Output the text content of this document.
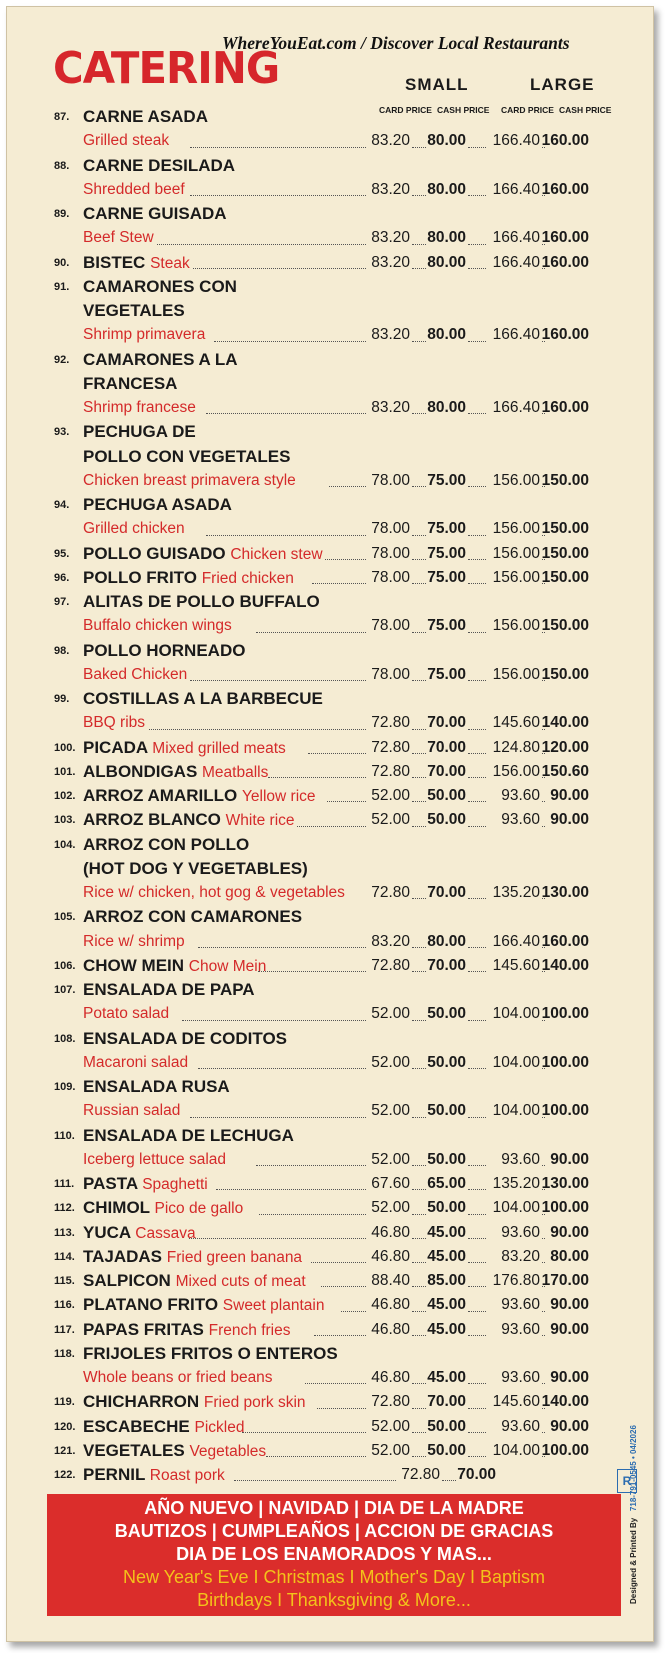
WhereYouEat.com / Discover Local Restaurants
CATERING	SMALL	LARGE
CARD PRICE CASH PRICE CARD PRICE CASH PRICE
87. CARNE ASADA
Grilled steak	83.20	80.00	166.40 160.00
88. CARNE DESILADA
Shredded beef	83.20	80.00	166.40 160.00
89. CARNE GUISADA
Beef Stew	83.20	80.00	166.40 160.00
90. BISTEC Steak	83.20	80.00	166.40 160.00
91. CAMARONES CON
VEGETALES
Shrimp primavera	83.20	80.00	166.40 160.00
92. CAMARONES A LA
FRANCESA
Shrimp francese	83.20	80.00	166.40 160.00
93. PECHUGA DE
POLLO CON VEGETALES
Chicken breast primavera style	78.00	75.00	156.00 150.00
94. PECHUGA ASADA
Grilled chicken	78.00	75.00	156.00 150.00
95. POLLO GUISADO Chicken stew	78.00	75.00	156.00 150.00
96. POLLO FRITO Fried chicken	78.00	75.00	156.00 150.00
97. ALITAS DE POLLO BUFFALO
Buffalo chicken wings	78.00	75.00	156.00 150.00
98. POLLO HORNEADO
Baked Chicken	78.00	75.00	156.00 150.00
99. COSTILLAS A LA BARBECUE
BBQ ribs	72.80	70.00	145.60 140.00
100. PICADA Mixed grilled meats	72.80	70.00	124.80 120.00
101. ALBONDIGAS Meatballs	72.80	70.00	156.00 150.60
102. ARROZ AMARILLO Yellow rice	52.00	50.00	93.60 90.00
103. ARROZ BLANCO White rice	52.00	50.00	93.60 90.00
104. ARROZ CON POLLO
(HOT DOG Y VEGETABLES)
Rice w/ chicken, hot gog & vegetables	72.80	70.00	135.20 130.00
105. ARROZ CON CAMARONES
Rice w/ shrimp	83.20	80.00	166.40 160.00
106. CHOW MEIN Chow Mein	72.80	70.00	145.60 140.00
107. ENSALADA DE PAPA
Potato salad	52.00	50.00	104.00 100.00
108. ENSALADA DE CODITOS
Macaroni salad	52.00	50.00	104.00 100.00
109. ENSALADA RUSA
Russian salad	52.00	50.00	104.00 100.00
110. ENSALADA DE LECHUGA
Iceberg lettuce salad	52.00	50.00	93.60 90.00
111. PASTA Spaghetti	67.60	65.00	135.20 130.00
112. CHIMOL Pico de gallo	52.00	50.00	104.00 100.00
113. YUCA Cassava	46.80	45.00	93.60 90.00
114. TAJADAS Fried green banana	46.80	45.00	83.20 80.00
115. SALPICON Mixed cuts of meat	88.40	85.00	176.80 170.00
116. PLATANO FRITO Sweet plantain	46.80	45.00	93.60 90.00
117. PAPAS FRITAS French fries	46.80	45.00	93.60 90.00
118. FRIJOLES FRITOS O ENTEROS
Whole beans or fried beans	46.80	45.00	93.60 90.00
119. CHICHARRON Fried pork skin	72.80	70.00	145.60 140.00
120. ESCABECHE Pickled	52.00	50.00	93.60 90.00
121. VEGETALES Vegetables	52.00	50.00	104.00 100.00
122. PERNIL Roast pork	72.80	70.00	R
Designed & Printed By   718-791-0545 • 04/2026
AÑO NUEVO | NAVIDAD | DIA DE LA MADRE
BAUTIZOS | CUMPLEAÑOS | ACCION DE GRACIAS
DIA DE LOS ENAMORADOS Y MAS...
New Year's Eve I Christmas I Mother's Day I Baptism
Birthdays I Thanksgiving & More...
